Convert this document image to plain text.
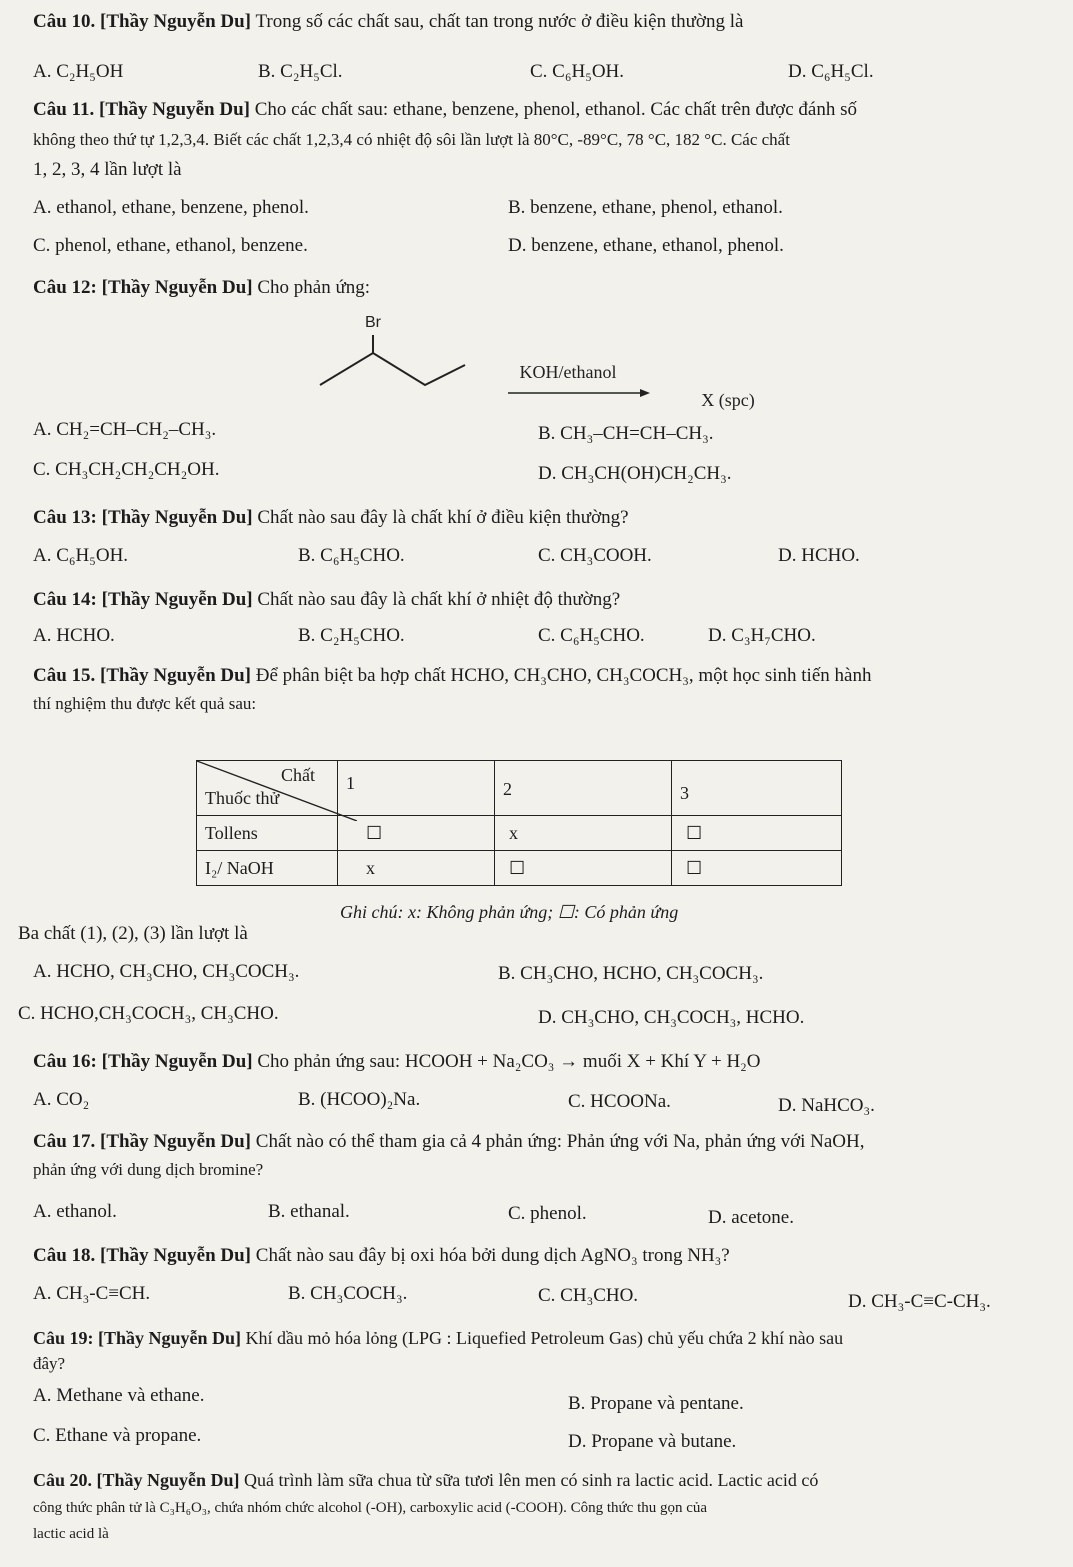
Câu 10. [Thầy Nguyễn Du] Trong số các chất sau, chất tan trong nước ở điều kiện thường là
A. C₂H₅OH	B. C₂H₅Cl.	C. C₆H₅OH.	D. C₆H₅Cl.
Câu 11. [Thầy Nguyễn Du] Cho các chất sau: ethane, benzene, phenol, ethanol. Các chất trên được đánh số
không theo thứ tự 1,2,3,4. Biết các chất 1,2,3,4 có nhiệt độ sôi lần lượt là 80°C, -89°C, 78 °C, 182 °C. Các chất
1, 2, 3, 4 lần lượt là
A. ethanol, ethane, benzene, phenol.	B. benzene, ethane, phenol, ethanol.
C. phenol, ethane, ethanol, benzene.	D. benzene, ethane, ethanol, phenol.
Câu 12: [Thầy Nguyễn Du] Cho phản ứng:
Br
KOH/ethanol
X (spc)
A. CH₂=CH–CH₂–CH₃.	B. CH₃–CH=CH–CH₃.
C. CH₃CH₂CH₂CH₂OH.	D. CH₃CH(OH)CH₂CH₃.
Câu 13: [Thầy Nguyễn Du] Chất nào sau đây là chất khí ở điều kiện thường?
A. C₆H₅OH.	B. C₆H₅CHO.	C. CH₃COOH.	D. HCHO.
Câu 14: [Thầy Nguyễn Du] Chất nào sau đây là chất khí ở nhiệt độ thường?
A. HCHO.	B. C₂H₅CHO.	C. C₆H₅CHO.	D. C₃H₇CHO.
Câu 15. [Thầy Nguyễn Du] Để phân biệt ba hợp chất HCHO, CH₃CHO, CH₃COCH₃, một học sinh tiến hành
thí nghiệm thu được kết quả sau:
Chất
Thuốc thử	1	2	3
Tollens	☐	x	☐
I₂/ NaOH	x	☐	☐
Ghi chú: x: Không phản ứng; ☐: Có phản ứng
Ba chất (1), (2), (3) lần lượt là
A. HCHO, CH₃CHO, CH₃COCH₃.	B. CH₃CHO, HCHO, CH₃COCH₃.
C. HCHO,CH₃COCH₃, CH₃CHO.	D. CH₃CHO, CH₃COCH₃, HCHO.
Câu 16: [Thầy Nguyễn Du] Cho phản ứng sau: HCOOH + Na₂CO₃ → muối X + Khí Y + H₂O
A. CO₂	B. (HCOO)₂Na.	C. HCOONa.	D. NaHCO₃.
Câu 17. [Thầy Nguyễn Du] Chất nào có thể tham gia cả 4 phản ứng: Phản ứng với Na, phản ứng với NaOH,
phản ứng với dung dịch bromine?
A. ethanol.	B. ethanal.	C. phenol.	D. acetone.
Câu 18. [Thầy Nguyễn Du] Chất nào sau đây bị oxi hóa bởi dung dịch AgNO₃ trong NH₃?
A. CH₃-C≡CH.	B. CH₃COCH₃.	C. CH₃CHO.	D. CH₃-C≡C-CH₃.
Câu 19: [Thầy Nguyễn Du] Khí dầu mỏ hóa lỏng (LPG : Liquefied Petroleum Gas) chủ yếu chứa 2 khí nào sau
đây?
A. Methane và ethane.	B. Propane và pentane.
C. Ethane và propane.	D. Propane và butane.
Câu 20. [Thầy Nguyễn Du] Quá trình làm sữa chua từ sữa tươi lên men có sinh ra lactic acid. Lactic acid có
công thức phân tử là C₃H₆O₃, chứa nhóm chức alcohol (-OH), carboxylic acid (-COOH). Công thức thu gọn của
lactic acid là
